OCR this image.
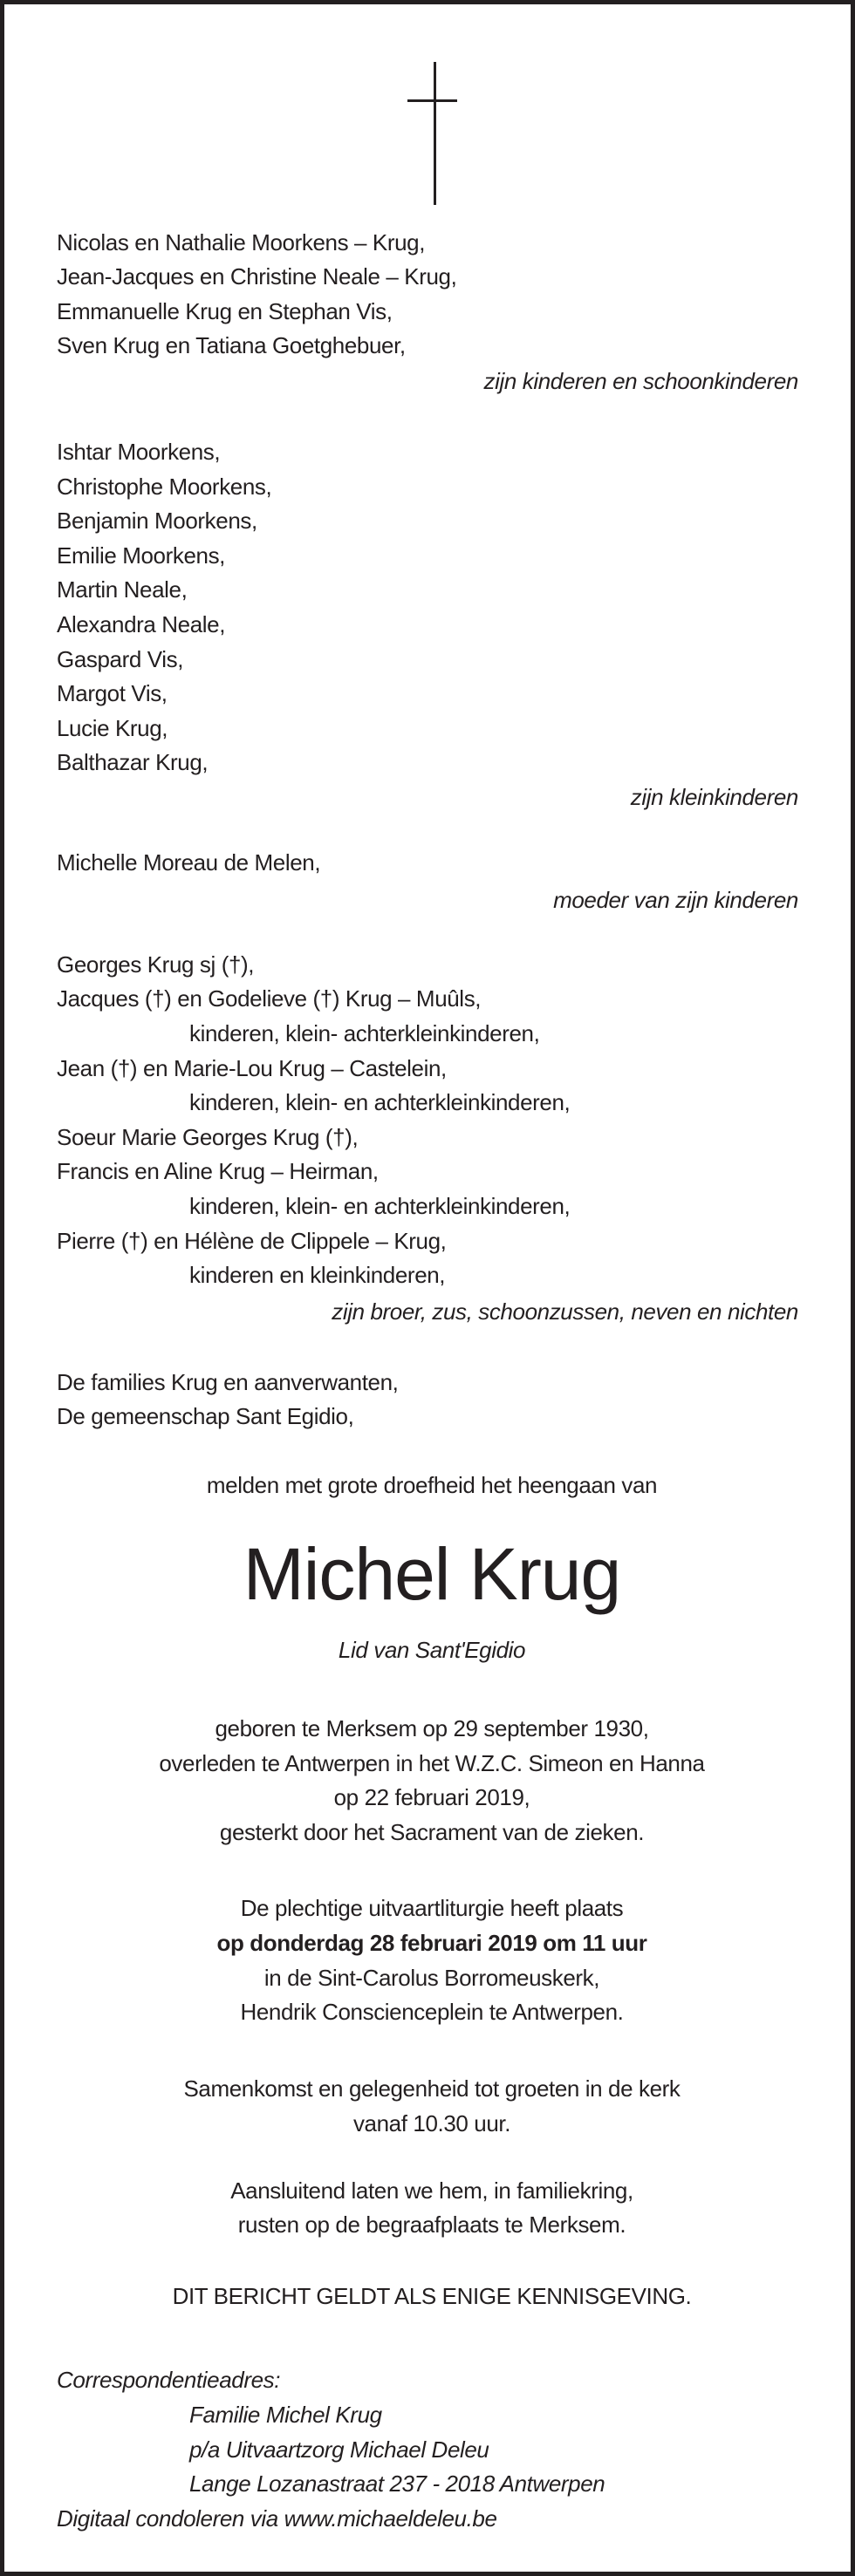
Nicolas en Nathalie Moorkens – Krug,
Jean-Jacques en Christine Neale – Krug,
Emmanuelle Krug en Stephan Vis,
Sven Krug en Tatiana Goetghebuer,
zijn kinderen en schoonkinderen
Ishtar Moorkens,
Christophe Moorkens,
Benjamin Moorkens,
Emilie Moorkens,
Martin Neale,
Alexandra Neale,
Gaspard Vis,
Margot Vis,
Lucie Krug,
Balthazar Krug,
zijn kleinkinderen
Michelle Moreau de Melen,
moeder van zijn kinderen
Georges Krug sj (†),
Jacques (†) en Godelieve (†) Krug – Muûls,
kinderen, klein- achterkleinkinderen,
Jean (†) en Marie-Lou Krug – Castelein,
kinderen, klein- en achterkleinkinderen,
Soeur Marie Georges Krug (†),
Francis en Aline Krug – Heirman,
kinderen, klein- en achterkleinkinderen,
Pierre (†) en Hélène de Clippele – Krug,
kinderen en kleinkinderen,
zijn broer, zus, schoonzussen, neven en nichten
De families Krug en aanverwanten,
De gemeenschap Sant Egidio,
melden met grote droefheid het heengaan van
Michel Krug
Lid van Sant'Egidio
geboren te Merksem op 29 september 1930,
overleden te Antwerpen in het W.Z.C. Simeon en Hanna
op 22 februari 2019,
gesterkt door het Sacrament van de zieken.
De plechtige uitvaartliturgie heeft plaats
op donderdag 28 februari 2019 om 11 uur
in de Sint-Carolus Borromeuskerk,
Hendrik Conscienceplein te Antwerpen.
Samenkomst en gelegenheid tot groeten in de kerk
vanaf 10.30 uur.
Aansluitend laten we hem, in familiekring,
rusten op de begraafplaats te Merksem.
DIT BERICHT GELDT ALS ENIGE KENNISGEVING.
Correspondentieadres:
Familie Michel Krug
p/a Uitvaartzorg Michael Deleu
Lange Lozanastraat 237 - 2018 Antwerpen
Digitaal condoleren via www.michaeldeleu.be
